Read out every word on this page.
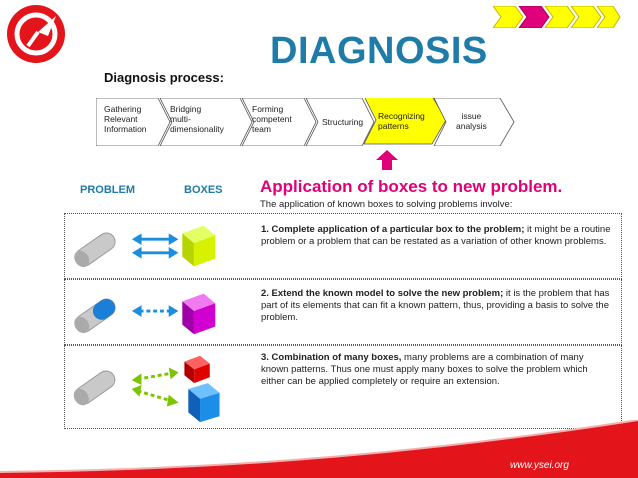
DIAGNOSIS
Diagnosis process:
Gathering
Relevant
Information
Bridging
multi-
dimensionality
Forming
competent
team
Structuring
Recognizing
patterns
issue
analysis
PROBLEM	BOXES Application of boxes to new problem.
The application of known boxes to solving problems involve:
1. Complete application of a particular box to the problem; it might be a routine problem or a problem that can be restated as a variation of other known problems.
2. Extend the known model to solve the new problem; it is the problem that has part of its elements that can fit a known pattern, thus, providing a basis to solve the problem.
3. Combination of many boxes, many problems are a combination of many known patterns. Thus one must apply many boxes to solve the problem which either can be applied completely or require an extension.
www.ysei.org
